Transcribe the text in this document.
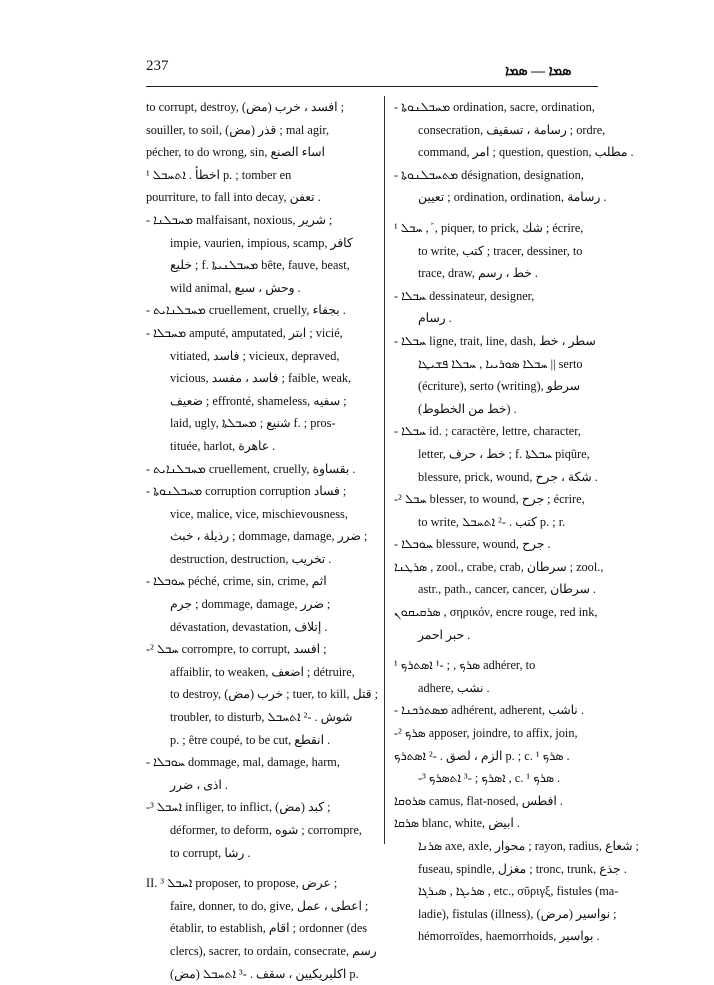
237	ܣܡܐ — ܣܡܐ
to corrupt, destroy, (مض) افسد ، خرب ;
souiller, to soil, (مض) قذر ; mal agir,
pécher, to do wrong, sin, اساء الصنع
اخطأ . ܐܬܚܒܠ ¹ p. ; tomber en
pourriture, to fall into decay, تعفن .
- ܡܚܒܠܢܐ malfaisant, noxious, شرير ;
impie, vaurien, impious, scamp, كافر
خليع ; f. ܡܚܒܠܢܝܬܐ bête, fauve, beast,
wild animal, وحش ، سبع .
- ܡܚܒܠܢܐܝܬ cruellement, cruelly, بجفاء .
- ܡܚܒܠܐ amputé, amputated, ابتر ; vicié,
vitiated, فاسد ; vicieux, depraved,
vicious, فاسد ، مفسد ; faible, weak,
ضعيف ; effronté, shameless, سفيه ;
laid, ugly, شنيع ; ܡܚܒܠܬܐ f. ; pros-
tituée, harlot, عاهرة .
- ܡܚܒܠܢܐܝܬ cruellement, cruelly, بقساوة .
- ܡܚܒܠܢܘܬܐ corruption corruption فساد ;
vice, malice, vice, mischievousness,
رذيلة ، خبث ; dommage, damage, ضرر ;
destruction, destruction, تخريب .
- ܚܘܒܠܐ péché, crime, sin, crime, اثم
جرم ; dommage, damage, ضرر ;
dévastation, devastation, إتلاف .
-² ܚܒܠ corrompre, to corrupt, افسد ;
affaiblir, to weaken, اضعف ; détruire,
to destroy, (مض) خرب ; tuer, to kill, قتل ;
troubler, to disturb, شوش . -² ܐܬܚܒܠ
p. ; être coupé, to be cut, انقطع .
- ܚܘܒܠܐ dommage, mal, damage, harm,
اذى ، ضرر .
-³ ܐܚܒܠ infliger, to inflict, (مض) كبد ;
déformer, to deform, شوه ; corrompre,
to corrupt, رشا .
II. ³ ܐܚܒܠ proposer, to propose, عرض ;
faire, donner, to do, give, اعطى ، عمل ;
établir, to establish, اقام ; ordonner (des
clercs), sacrer, to ordain, consecrate, رسم
(مض) اكليريكيين ، سقف . -³ ܐܬܚܒܠ p.
- ܡܚܒܠܢܘܬܐ ordination, sacre, ordination,
consecration, رسامة ، تسقيف ; ordre,
command, امر ; question, question, مطلب .
- ܡܬܚܒܠܢܘܬܐ désignation, designation,
تعيين ; ordination, ordination, رسامة .
¹ ܚܒܠ , ܰ , piquer, to prick, شك ; écrire,
to write, كتب ; tracer, dessiner, to
trace, draw, خط ، رسم .
- ܚܒܠܐ dessinateur, designer,
رسام .
- ܚܒܠܐ ligne, trait, line, dash, سطر ، خط
ܚܒܠܐ ܣܘܪܝܝܐ , ܚܒܠܐ ܦܫܝܛܐ || serto
(écriture), serto (writing), سرطو
(خط من الخطوط) .
- ܚܒܠܐ id. ; caractère, lettre, character,
letter, خط ، حرف ; f. ܚܒܠܬܐ piqûre,
blessure, prick, wound, شكة ، جرح .
-² ܚܒܠ blesser, to wound, جرح ; écrire,
to write, كتب . -² ܐܬܚܒܠ p. ; r.
- ܚܘܒܠܐ blessure, wound, جرح .
ܣܪܛܢܐ , zool., crabe, crab, سرطان ; zool.,
astr., path., cancer, cancer, سرطان .
ܣܪܩܝܩܘܢ , σηρικόν, encre rouge, red ink,
حبر احمر .
¹ ܣܪܟ , ; -¹ ܐܣܬܪܟ adhérer, to
adhere, نشب .
- ܡܣܬܪܟܢܐ adhérent, adherent, ناشب .
-² ܣܪܟ apposer, joindre, to affix, join,
الزم ، لصق . -² ܐܣܬܪܟ p. ; c. ¹ ܣܪܟ .
-³ ܐܣܪܟ ; -³ ܐܬܣܪܟ , c. ¹ ܣܪܟ .
ܣܪܘܩܐ camus, flat-nosed, افطس .
ܣܪܩܐ blanc, white, ابيض .
ܣܪܢܐ axe, axle, محوار ; rayon, radius, شعاع ;
fuseau, spindle, مغزل ; tronc, trunk, جذع .
ܣܪܝܓܐ , ܣܝܪܓܐ , etc., σῦριγξ, fistules (ma-
ladie), fistulas (illness), (مرض) نواسير ;
hémorroïdes, haemorrhoids, بواسير .
